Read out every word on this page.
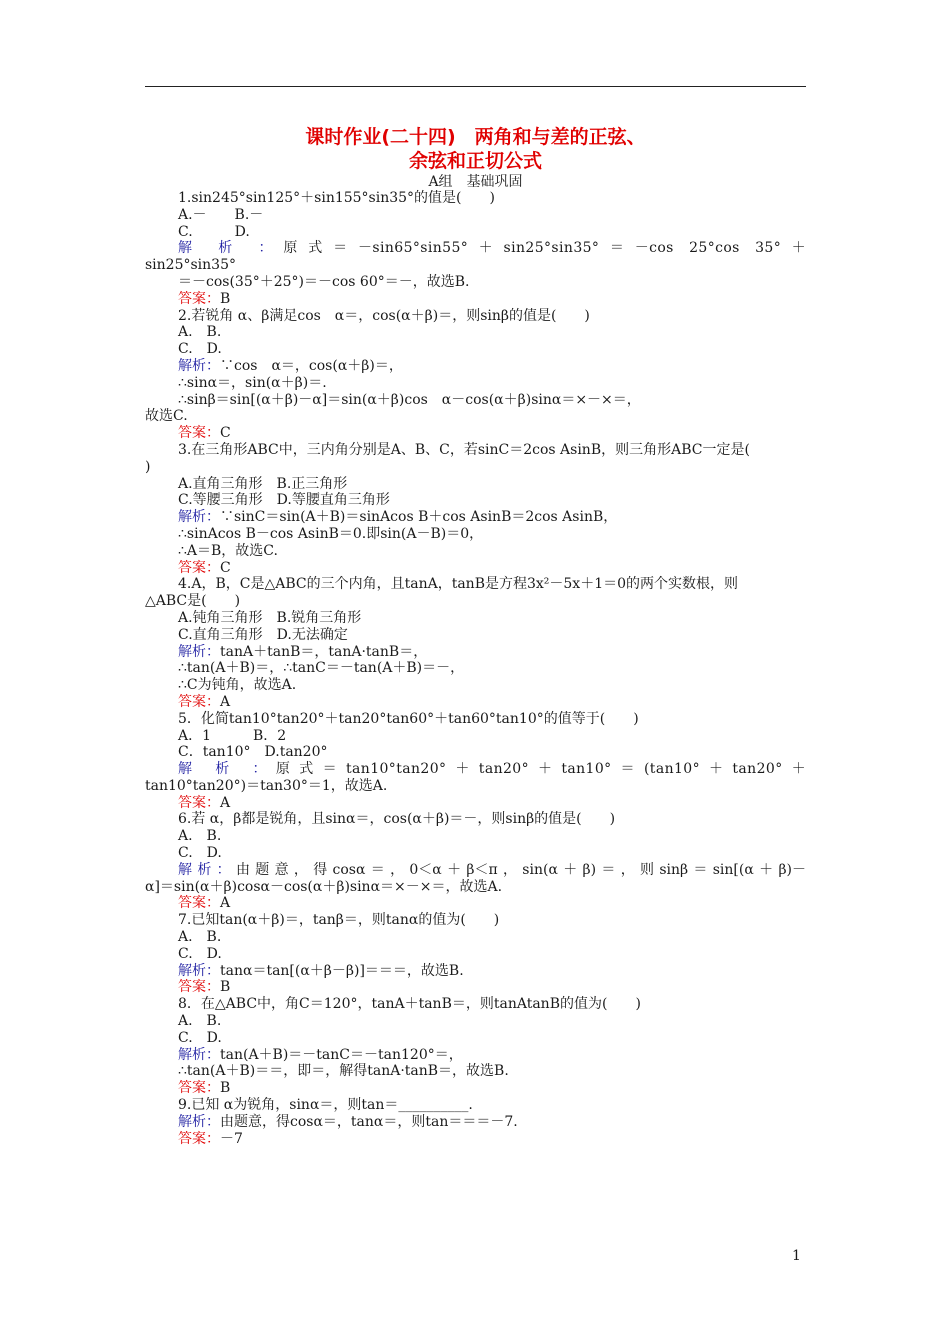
课时作业(二十四)　两角和与差的正弦、
余弦和正切公式
A组　基础巩固
1.sin245°sin125°＋sin155°sin35°的值是(　　)
A.－　　B.－
C.　　　D.
解 析 ：原式＝－sin65°sin55°＋sin25°sin35°＝－cos 25°cos 35°＋
sin25°sin35°
＝－cos(35°＋25°)＝－cos 60°＝－，故选B.
答案：B
2.若锐角 α、β满足cos　α＝，cos(α＋β)＝，则sinβ的值是(　　)
A.　B.
C.　D.
解析：∵cos　α＝，cos(α＋β)＝，
∴sinα＝，sin(α＋β)＝.
∴sinβ＝sin[(α＋β)－α]＝sin(α＋β)cos　α－cos(α＋β)sinα＝×－×＝，
故选C.
答案：C
3.在三角形ABC中，三内角分别是A、B、C，若sinC＝2cos AsinB，则三角形ABC一定是(
)
A.直角三角形　B.正三角形
C.等腰三角形　D.等腰直角三角形
解析：∵sinC＝sin(A＋B)＝sinAcos B＋cos AsinB＝2cos AsinB，
∴sinAcos B－cos AsinB＝0.即sin(A－B)＝0，
∴A＝B，故选C.
答案：C
4.A，B，C是△ABC的三个内角，且tanA，tanB是方程3x²－5x＋1＝0的两个实数根，则
△ABC是(　　)
A.钝角三角形　B.锐角三角形
C.直角三角形　D.无法确定
解析：tanA＋tanB＝，tanA·tanB＝，
∴tan(A＋B)＝，∴tanC＝－tan(A＋B)＝－，
∴C为钝角，故选A.
答案：A
5．化简tan10°tan20°＋tan20°tan60°＋tan60°tan10°的值等于(　　)
A．1　　　B．2
C．tan10°　D.tan20°
解 析 ：原式＝tan10°tan20°＋tan20°＋tan10°＝(tan10°＋tan20°＋
tan10°tan20°)＝tan30°＝1，故选A.
答案：A
6.若 α，β都是锐角，且sinα＝，cos(α＋β)＝－，则sinβ的值是(　　)
A.　B.
C.　D.
解析：由题意，得cosα＝，0＜α＋β＜π，sin(α＋β)＝，则sinβ＝sin[(α＋β)－
α]＝sin(α＋β)cosα－cos(α＋β)sinα＝×－×＝，故选A.
答案：A
7.已知tan(α＋β)＝，tanβ＝，则tanα的值为(　　)
A.　B.
C.　D.
解析：tanα＝tan[(α＋β－β)]＝＝＝，故选B.
答案：B
8．在△ABC中，角C＝120°，tanA＋tanB＝，则tanAtanB的值为(　　)
A.　B.
C.　D.
解析：tan(A＋B)＝－tanC＝－tan120°＝，
∴tan(A＋B)＝＝，即＝，解得tanA·tanB＝，故选B.
答案：B
9.已知 α为锐角，sinα＝，则tan＝__________.
解析：由题意，得cosα＝，tanα＝，则tan＝＝＝－7.
答案：－7
1
